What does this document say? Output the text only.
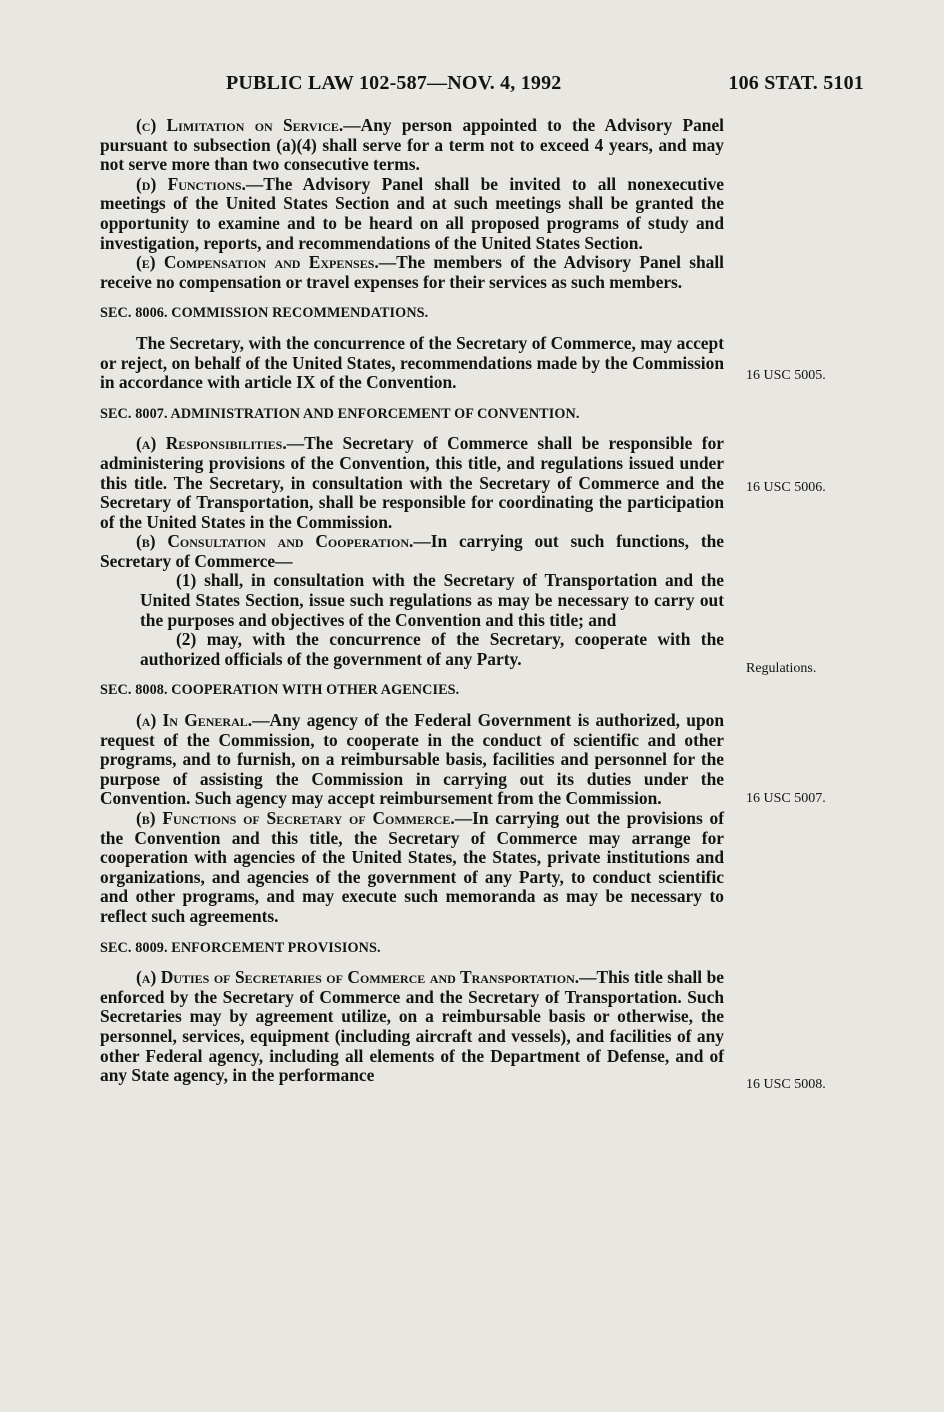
PUBLIC LAW 102-587—NOV. 4, 1992	106 STAT. 5101
16 USC 5005.
16 USC 5006.
Regulations.
16 USC 5007.
16 USC 5008.

(c) Limitation on Service.—Any person appointed to the Advisory Panel pursuant to subsection (a)(4) shall serve for a term not to exceed 4 years, and may not serve more than two consecutive terms.

(d) Functions.—The Advisory Panel shall be invited to all nonexecutive meetings of the United States Section and at such meetings shall be granted the opportunity to examine and to be heard on all proposed programs of study and investigation, reports, and recommendations of the United States Section.

(e) Compensation and Expenses.—The members of the Advisory Panel shall receive no compensation or travel expenses for their services as such members.

SEC. 8006. COMMISSION RECOMMENDATIONS.

The Secretary, with the concurrence of the Secretary of Commerce, may accept or reject, on behalf of the United States, recommendations made by the Commission in accordance with article IX of the Convention.

SEC. 8007. ADMINISTRATION AND ENFORCEMENT OF CONVENTION.

(a) Responsibilities.—The Secretary of Commerce shall be responsible for administering provisions of the Convention, this title, and regulations issued under this title. The Secretary, in consultation with the Secretary of Commerce and the Secretary of Transportation, shall be responsible for coordinating the participation of the United States in the Commission.

(b) Consultation and Cooperation.—In carrying out such functions, the Secretary of Commerce—

(1) shall, in consultation with the Secretary of Transportation and the United States Section, issue such regulations as may be necessary to carry out the purposes and objectives of the Convention and this title; and

(2) may, with the concurrence of the Secretary, cooperate with the authorized officials of the government of any Party.

SEC. 8008. COOPERATION WITH OTHER AGENCIES.

(a) In General.—Any agency of the Federal Government is authorized, upon request of the Commission, to cooperate in the conduct of scientific and other programs, and to furnish, on a reimbursable basis, facilities and personnel for the purpose of assisting the Commission in carrying out its duties under the Convention. Such agency may accept reimbursement from the Commission.

(b) Functions of Secretary of Commerce.—In carrying out the provisions of the Convention and this title, the Secretary of Commerce may arrange for cooperation with agencies of the United States, the States, private institutions and organizations, and agencies of the government of any Party, to conduct scientific and other programs, and may execute such memoranda as may be necessary to reflect such agreements.

SEC. 8009. ENFORCEMENT PROVISIONS.

(a) Duties of Secretaries of Commerce and Transportation.—This title shall be enforced by the Secretary of Commerce and the Secretary of Transportation. Such Secretaries may by agreement utilize, on a reimbursable basis or otherwise, the personnel, services, equipment (including aircraft and vessels), and facilities of any other Federal agency, including all elements of the Department of Defense, and of any State agency, in the performance
